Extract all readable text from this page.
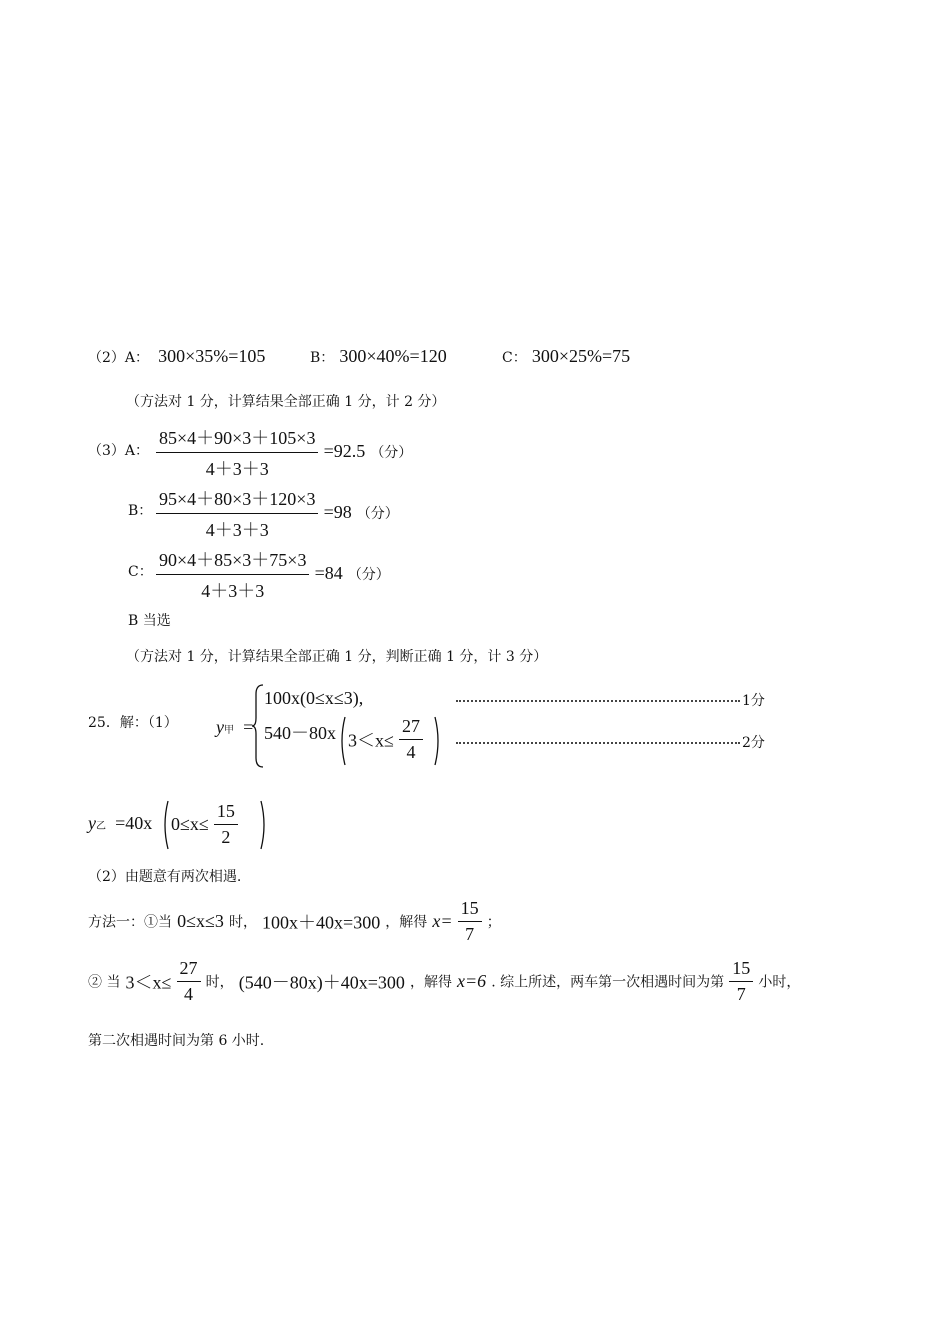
（2）A： 300×35%=105	B： 300×40%=120	C： 300×25%=75
（方法对 1 分，计算结果全部正确 1 分，计 2 分）
（3）A： $\frac{85\times 4+90\times 3+105\times 3}{4+3+3} =92.5$ （分）
B： $\frac{95\times 4+80\times 3+120\times 3}{4+3+3} =98$ （分）
C： $\frac{90\times 4+85\times 3+75\times 3}{4+3+3} =84$ （分）
B 当选
（方法对 1 分，计算结果全部正确 1 分，判断正确 1 分，计 3 分）
25．解：（1） y甲 =
100x(0≤x≤3),
540－80x $3<x\le \frac{27}{4}$
1分
2分
y乙 =40x $0\le x\le \frac{15}{2}$
（2）由题意有两次相遇.
方法一：①当 0≤x≤3 时， 100x＋40x=300 ，解得 $x= \frac{15}{7}$ ；
② 当 $3<x\le \frac{27}{4}$ 时， (540－80x)＋40x=300 ，解得 x=6 . 综上所述，两车第一次相遇时间为第 $\frac{15}{7}$ 小时，
第二次相遇时间为第 6 小时.
